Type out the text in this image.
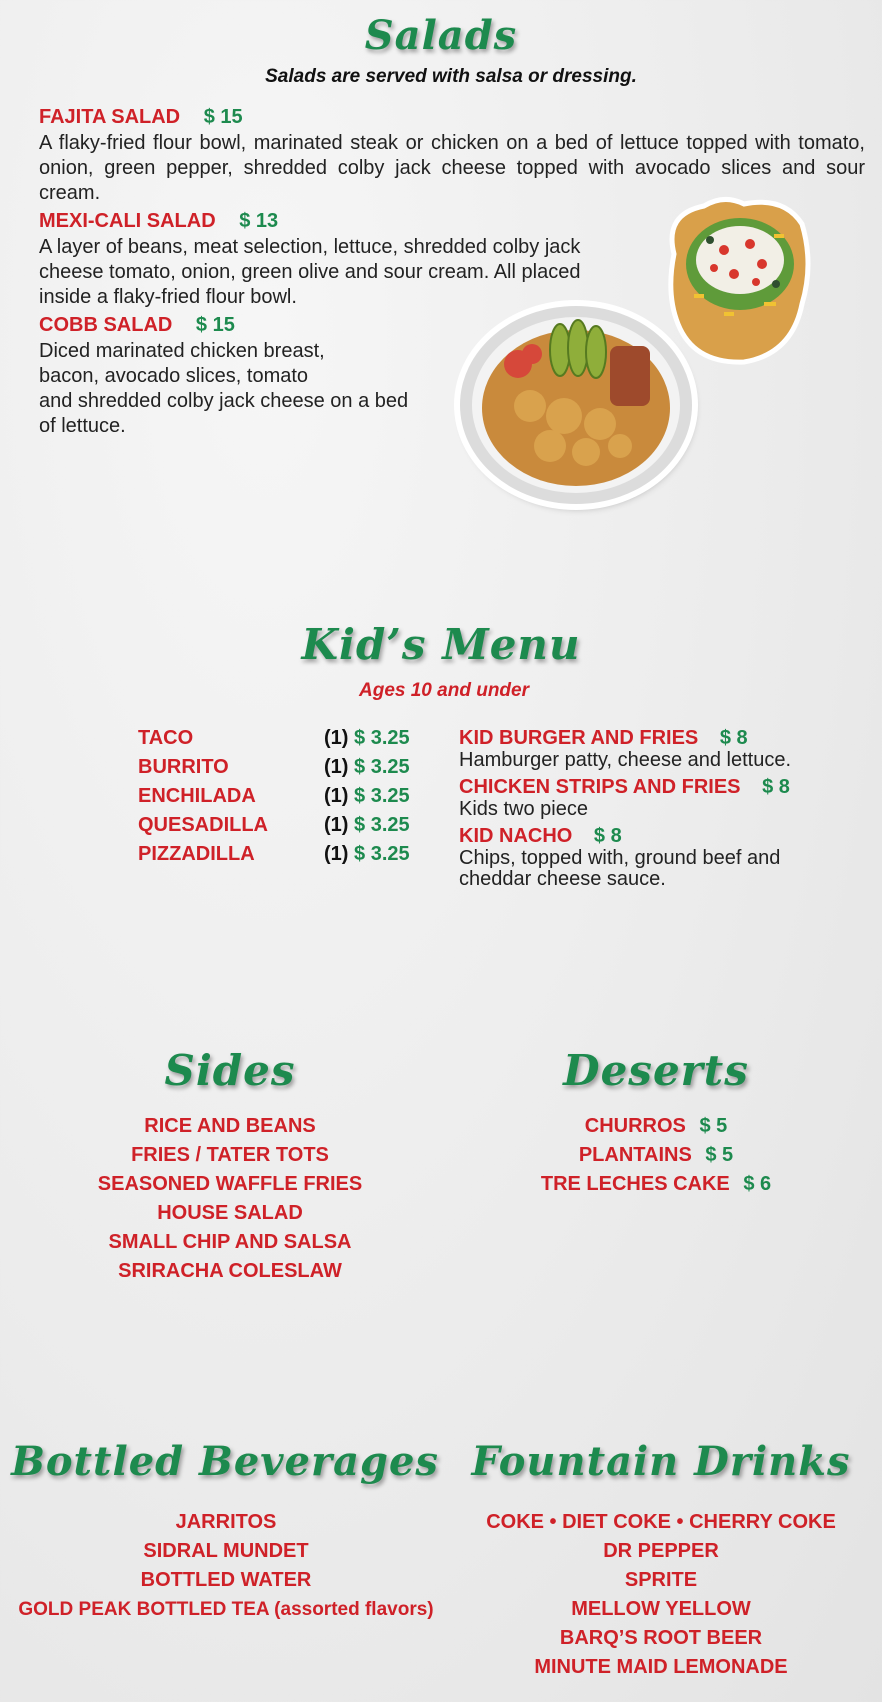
Salads
Salads are served with salsa or dressing.
FAJITA SALAD $ 15
A flaky-fried flour bowl, marinated steak or chicken on a bed of lettuce topped with tomato, onion, green pepper, shredded colby jack cheese topped with avocado slices and sour cream.
MEXI-CALI SALAD $ 13
A layer of beans, meat selection, lettuce, shredded colby jack
cheese tomato, onion, green olive and sour cream. All placed
inside a flaky-fried flour bowl.
COBB SALAD $ 15
Diced marinated chicken breast,
bacon, avocado slices, tomato
and shredded colby jack cheese on a bed
of lettuce.
Kid’s Menu
Ages 10 and under
TACO	(1) $ 3.25
BURRITO	(1) $ 3.25
ENCHILADA	(1) $ 3.25
QUESADILLA	(1) $ 3.25
PIZZADILLA	(1) $ 3.25
KID BURGER AND FRIES $ 8
Hamburger patty, cheese and lettuce.
CHICKEN STRIPS AND FRIES $ 8
Kids two piece
KID NACHO $ 8
Chips, topped with, ground beef and
cheddar cheese sauce.
Sides
RICE AND BEANS
FRIES / TATER TOTS
SEASONED WAFFLE FRIES
HOUSE SALAD
SMALL CHIP AND SALSA
SRIRACHA COLESLAW
Deserts
CHURROS $ 5
PLANTAINS $ 5
TRE LECHES CAKE $ 6
Bottled Beverages
JARRITOS
SIDRAL MUNDET
BOTTLED WATER
GOLD PEAK BOTTLED TEA (assorted flavors)
Fountain Drinks
COKE • DIET COKE • CHERRY COKE
DR PEPPER
SPRITE
MELLOW YELLOW
BARQ’S ROOT BEER
MINUTE MAID LEMONADE
